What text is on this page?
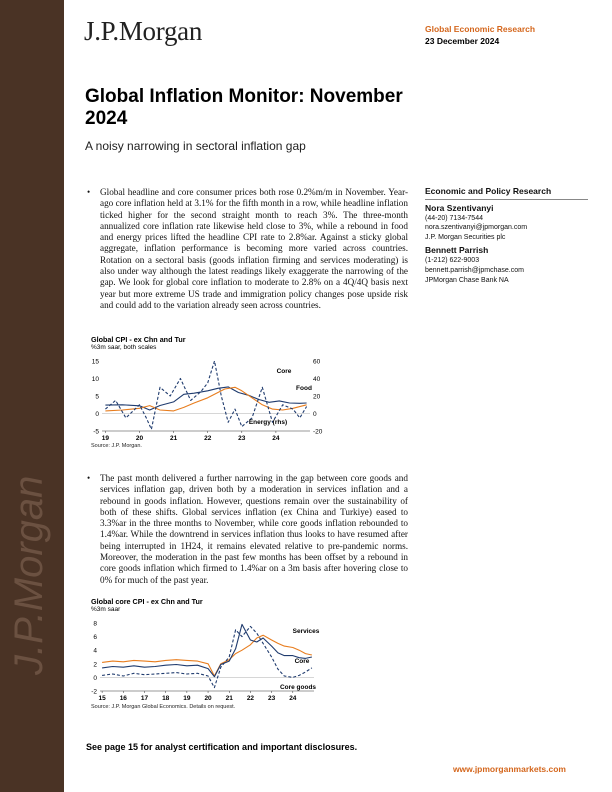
J.P.Morgan
J.P.Morgan	Global Economic Research
23 December 2024
Global Inflation Monitor: November 2024
A noisy narrowing in sectoral inflation gap
• Global headline and core consumer prices both rose 0.2%m/m in November. Year-ago core inflation held at 3.1% for the fifth month in a row, while headline inflation ticked higher for the second straight month to reach 3%. The three-month annualized core inflation rate likewise held close to 3%, while a rebound in food and energy prices lifted the headline CPI rate to 2.8%ar. Against a sticky global aggregate, inflation performance is becoming more varied across countries. Rotation on a sectoral basis (goods inflation firming and services moderating) is also under way although the latest readings likely exaggerate the narrowing of the gap. We look for global core inflation to moderate to 2.8% on a 4Q/4Q basis next year but more extreme US trade and immigration policy changes pose upside risk and could add to the variation already seen across countries.
• The past month delivered a further narrowing in the gap between core goods and services inflation gap, driven both by a moderation in services inflation and a rebound in goods inflation. However, questions remain over the sustainability of both of these shifts. Global services inflation (ex China and Turkiye) eased to 3.3%ar in the three months to November, while core goods inflation rebounded to 1.4%ar. While the downtrend in services inflation thus looks to have resumed after being interrupted in 1H24, it remains elevated relative to pre-pandemic norms. Moreover, the moderation in the past few months has been offset by a rebound in core goods inflation which firmed to 1.4%ar on a 3m basis after hovering close to 0% for much of the past year.
Economic and Policy Research
Nora Szentivanyi
(44-20) 7134-7544
nora.szentivanyi@jpmorgan.com
J.P. Morgan Securities plc
Bennett Parrish
(1-212) 622-9003
bennett.parrish@jpmchase.com
JPMorgan Chase Bank NA
Global CPI - ex Chn and Tur
%3m saar, both scales
15
10
5
0
-5
60
40
20
0
-20
19	20	21	22	23	24
Core
Food
Energy (rhs)
Source: J.P. Morgan.
Global core CPI - ex Chn and Tur
%3m saar
8
6
4
2
0
-2
15 16 17 18 19 20 21 22 23 24
Services
Core
Core goods
Source: J.P. Morgan Global Economics. Details on request.
See page 15 for analyst certification and important disclosures.
www.jpmorganmarkets.com
